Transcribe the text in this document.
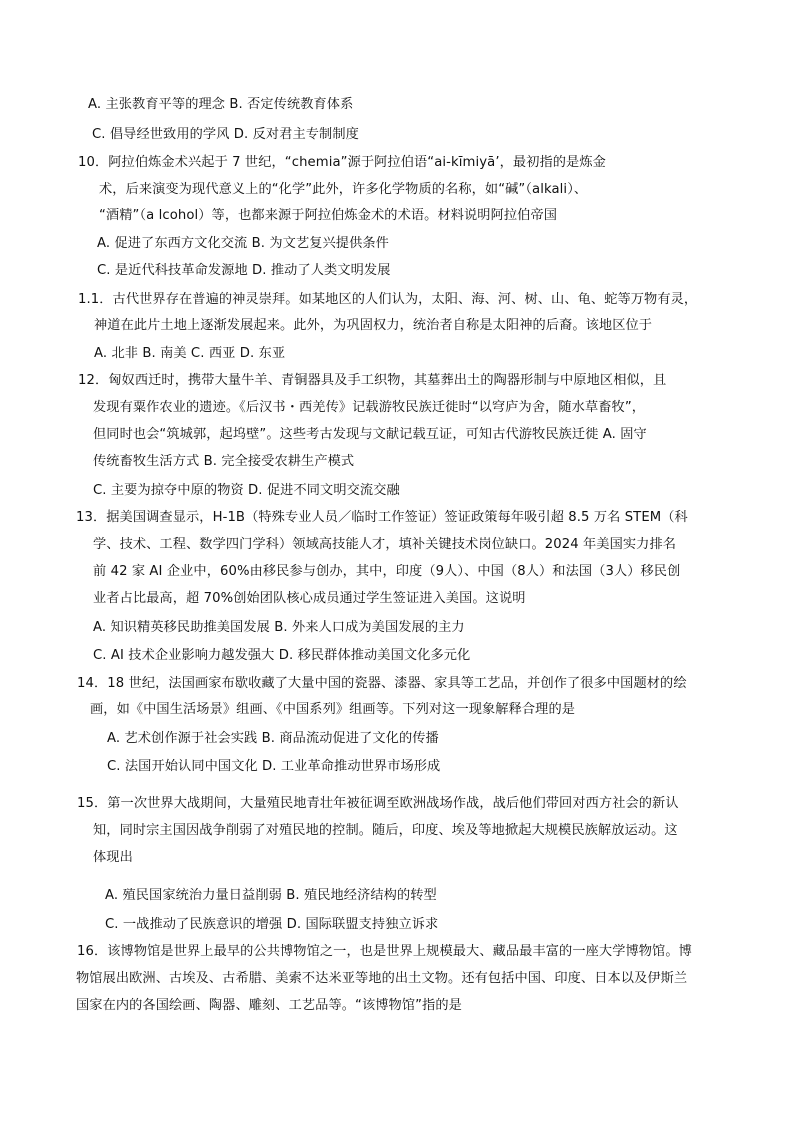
A. 主张教育平等的理念 B. 否定传统教育体系
C. 倡导经世致用的学风 D. 反对君主专制制度
10．阿拉伯炼金术兴起于 7 世纪，“chemia”源于阿拉伯语“ai-kīmiyā’，最初指的是炼金
术，后来演变为现代意义上的“化学”此外，许多化学物质的名称，如“碱”（alkali）、
“酒精”（a lcohol）等，也都来源于阿拉伯炼金术的术语。材料说明阿拉伯帝国
A. 促进了东西方文化交流 B. 为文艺复兴提供条件
C. 是近代科技革命发源地 D. 推动了人类文明发展
1.1．古代世界存在普遍的神灵崇拜。如某地区的人们认为，太阳、海、河、树、山、龟、蛇等万物有灵，
神道在此片土地上逐渐发展起来。此外，为巩固权力，统治者自称是太阳神的后裔。该地区位于
A. 北非 B. 南美 C. 西亚 D. 东亚
12．匈奴西迁时，携带大量牛羊、青铜器具及手工织物，其墓葬出土的陶器形制与中原地区相似，且
发现有粟作农业的遗迹。《后汉书・西羌传》记载游牧民族迁徙时“以穹庐为舍，随水草畜牧”，
但同时也会“筑城郭，起坞壁”。这些考古发现与文献记载互证，可知古代游牧民族迁徙 A. 固守
传统畜牧生活方式 B. 完全接受农耕生产模式
C. 主要为掠夺中原的物资 D. 促进不同文明交流交融
13．据美国调查显示，H-1B（特殊专业人员／临时工作签证）签证政策每年吸引超 8.5 万名 STEM（科
学、技术、工程、数学四门学科）领域高技能人才，填补关键技术岗位缺口。2024 年美国实力排名
前 42 家 AI 企业中，60%由移民参与创办，其中，印度（9人）、中国（8人）和法国（3人）移民创
业者占比最高，超 70%创始团队核心成员通过学生签证进入美国。这说明
A. 知识精英移民助推美国发展 B. 外来人口成为美国发展的主力
C. AI 技术企业影响力越发强大 D. 移民群体推动美国文化多元化
14．18 世纪，法国画家布歇收藏了大量中国的瓷器、漆器、家具等工艺品，并创作了很多中国题材的绘
画，如《中国生活场景》组画、《中国系列》组画等。下列对这一现象解释合理的是
A. 艺术创作源于社会实践 B. 商品流动促进了文化的传播
C. 法国开始认同中国文化 D. 工业革命推动世界市场形成
15．第一次世界大战期间，大量殖民地青壮年被征调至欧洲战场作战，战后他们带回对西方社会的新认
知，同时宗主国因战争削弱了对殖民地的控制。随后，印度、埃及等地掀起大规模民族解放运动。这
体现出
A. 殖民国家统治力量日益削弱 B. 殖民地经济结构的转型
C. 一战推动了民族意识的增强 D. 国际联盟支持独立诉求
16．该博物馆是世界上最早的公共博物馆之一，也是世界上规模最大、藏品最丰富的一座大学博物馆。博
物馆展出欧洲、古埃及、古希腊、美索不达米亚等地的出土文物。还有包括中国、印度、日本以及伊斯兰
国家在内的各国绘画、陶器、雕刻、工艺品等。“该博物馆”指的是
